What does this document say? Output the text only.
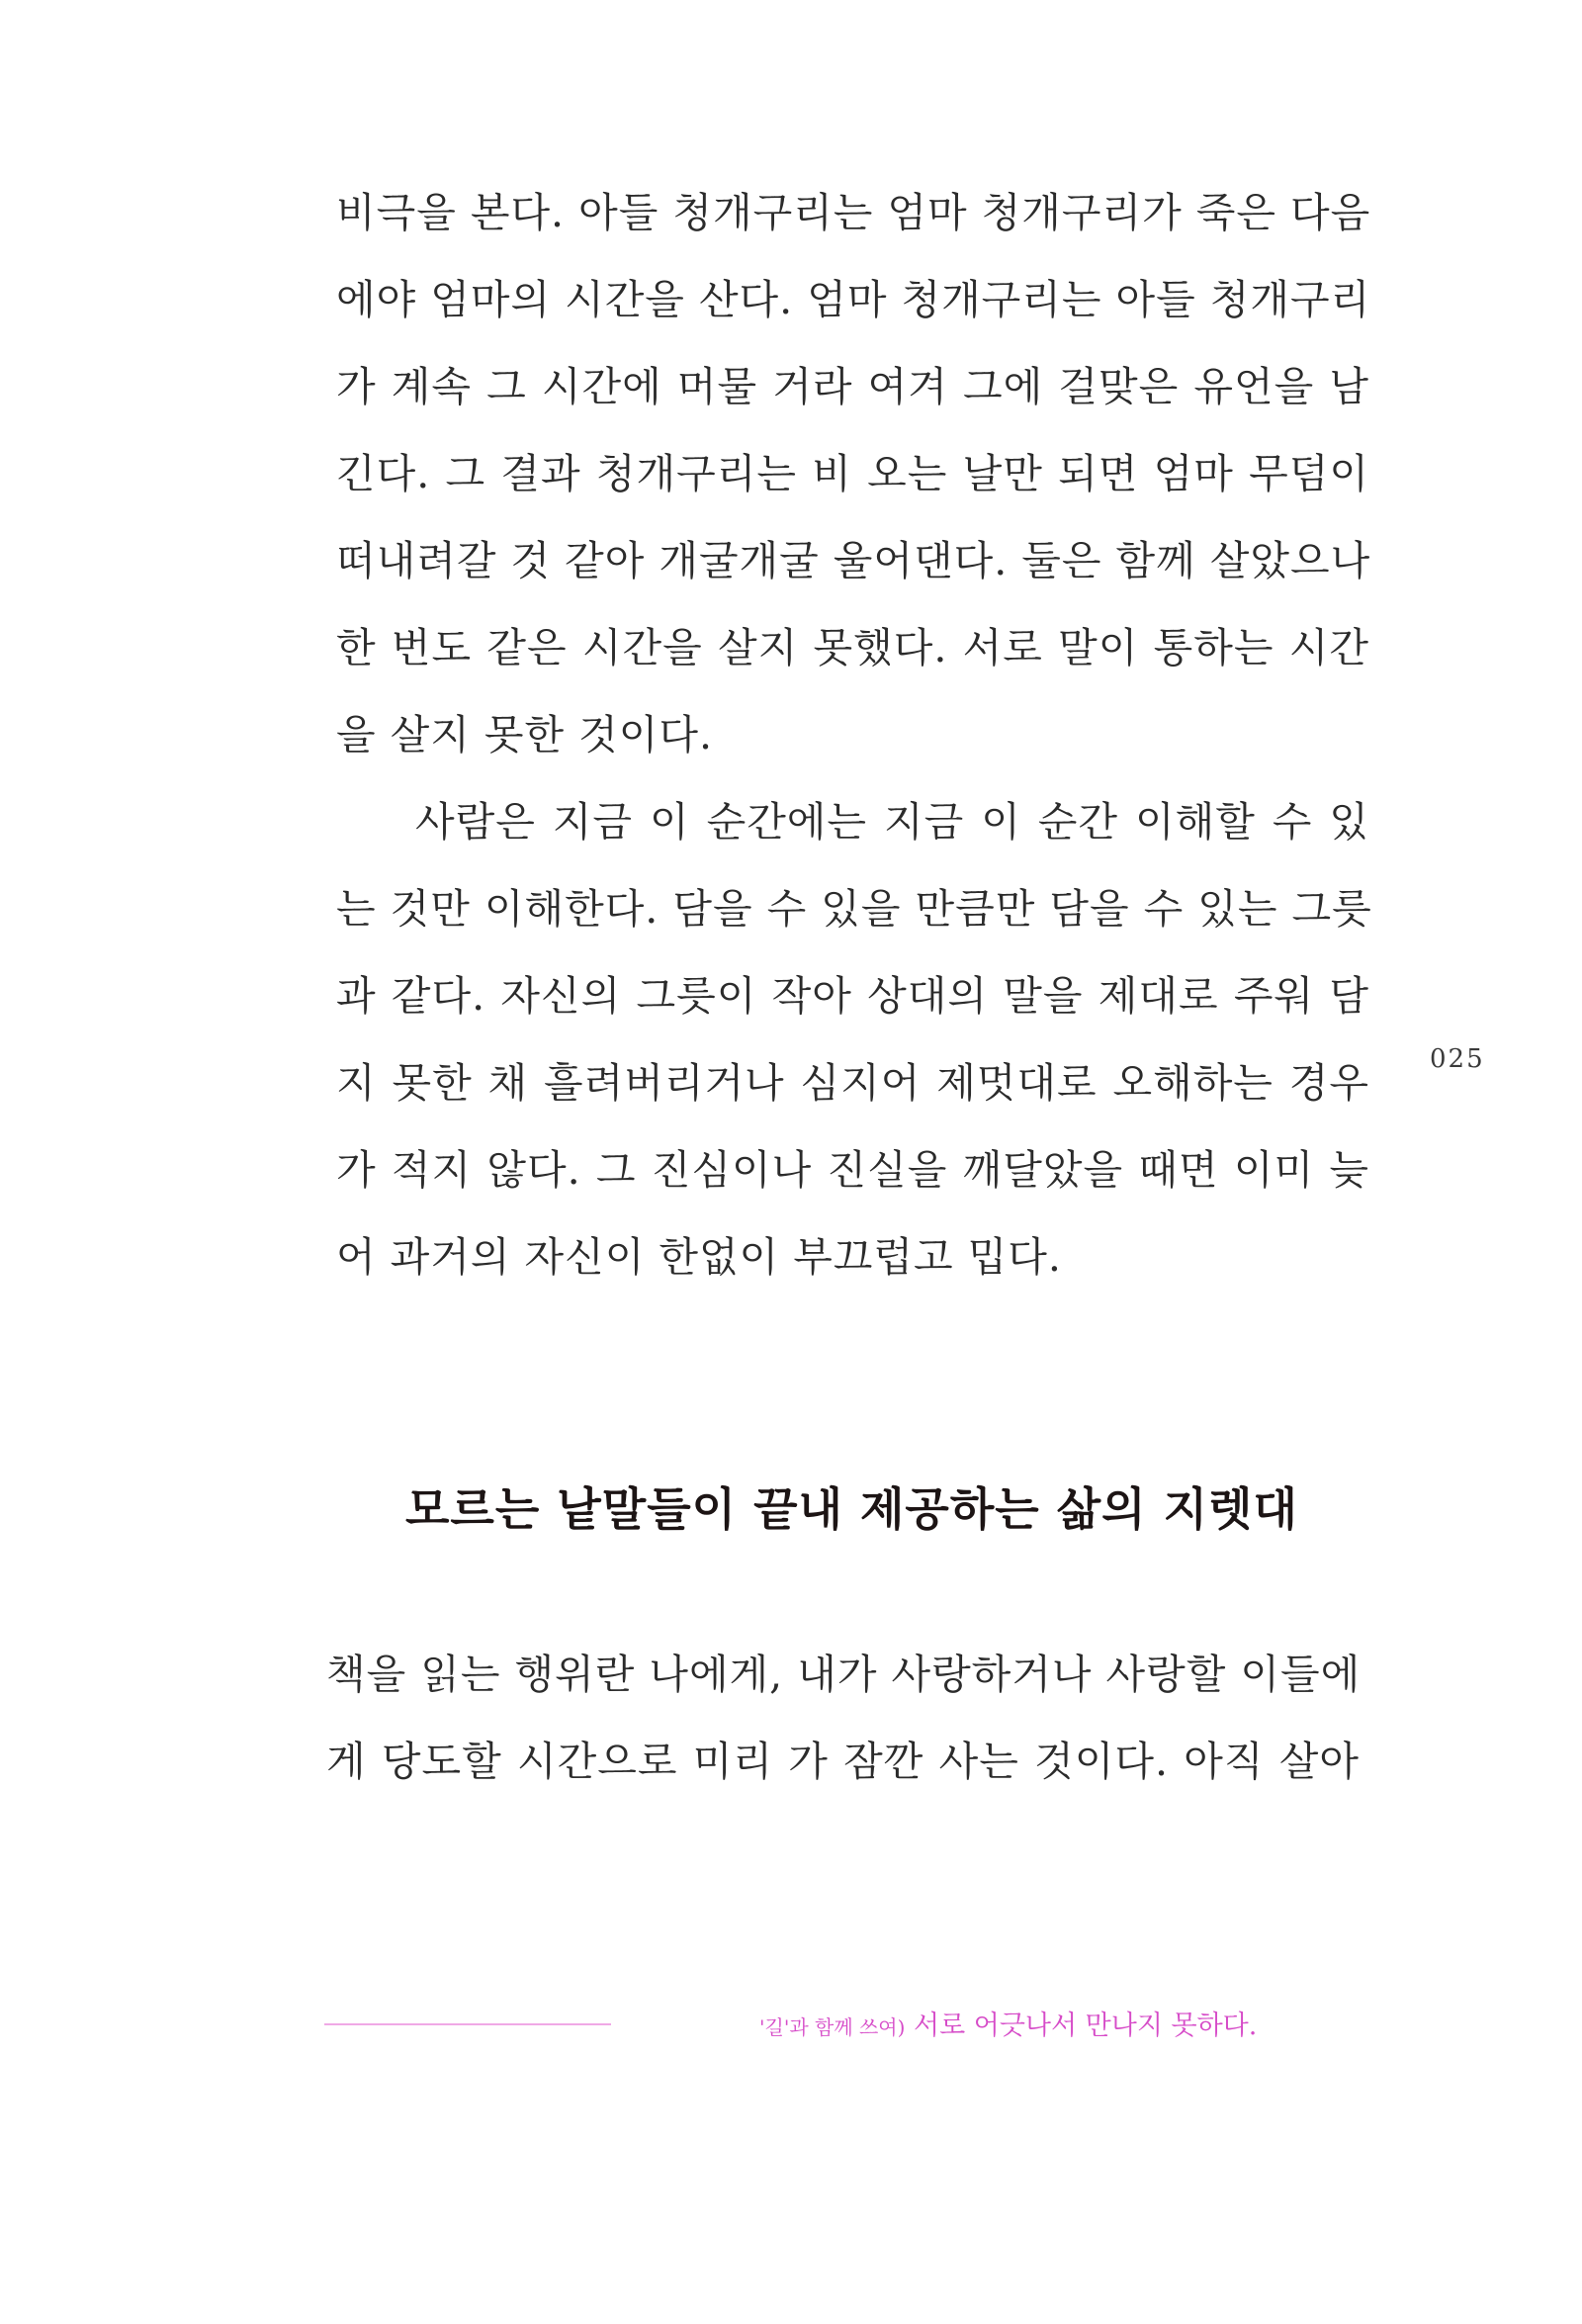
비극을 본다. 아들 청개구리는 엄마 청개구리가 죽은 다음
에야 엄마의 시간을 산다. 엄마 청개구리는 아들 청개구리
가 계속 그 시간에 머물 거라 여겨 그에 걸맞은 유언을 남
긴다. 그 결과 청개구리는 비 오는 날만 되면 엄마 무덤이
떠내려갈 것 같아 개굴개굴 울어댄다. 둘은 함께 살았으나
한 번도 같은 시간을 살지 못했다. 서로 말이 통하는 시간
을 살지 못한 것이다.
사람은 지금 이 순간에는 지금 이 순간 이해할 수 있
는 것만 이해한다. 담을 수 있을 만큼만 담을 수 있는 그릇
과 같다. 자신의 그릇이 작아 상대의 말을 제대로 주워 담
지 못한 채 흘려버리거나 심지어 제멋대로 오해하는 경우
가 적지 않다. 그 진심이나 진실을 깨달았을 때면 이미 늦
어 과거의 자신이 한없이 부끄럽고 밉다.
025
모르는 낱말들이 끝내 제공하는 삶의 지렛대
책을 읽는 행위란 나에게, 내가 사랑하거나 사랑할 이들에
게 당도할 시간으로 미리 가 잠깐 사는 것이다. 아직 살아
'길'과 함께 쓰여) 서로 어긋나서 만나지 못하다.
